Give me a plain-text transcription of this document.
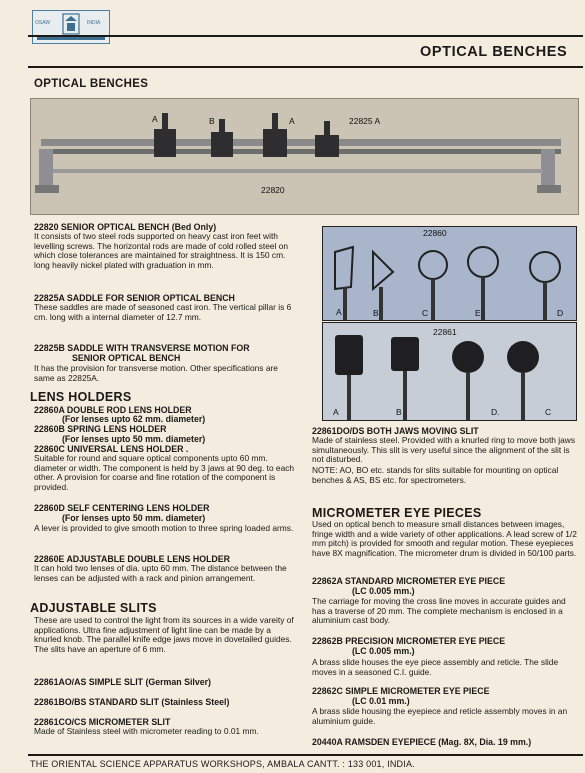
OSAW	INDIA
OPTICAL BENCHES
OPTICAL BENCHES
A	B	A	22825 A
22820
22860
A	B	C	E	D
22861
A	B	D.	C
22820 SENIOR OPTICAL BENCH (Bed Only)
It consists of two steel rods supported on heavy cast iron feet with levelling screws. The horizontal rods are made of cold rolled steel on which close tolerances are maintained for straightness. It is 150 cm. long heavily nickel plated with graduation in mm.
22825A SADDLE FOR SENIOR OPTICAL BENCH
These saddles are made of seasoned cast iron. The vertical pillar is 6 cm. long with a internal diameter of 12.7 mm.
22825B SADDLE WITH TRANSVERSE MOTION FOR
SENIOR OPTICAL BENCH
It has the provision for transverse motion. Other specifications are same as 22825A.
LENS HOLDERS
22860A DOUBLE ROD LENS HOLDER
(For lenses upto 62 mm. diameter)
22860B SPRING LENS HOLDER
(For lenses upto 50 mm. diameter)
22860C UNIVERSAL LENS HOLDER .
Suitable for round and square optical components upto 60 mm. diameter or width. The component is held by 3 jaws at 90 deg. to each other. A provision for coarse and fine rotation of the component is provided.
22860D SELF CENTERING LENS HOLDER
(For lenses upto 50 mm. diameter)
A lever is provided to give smooth motion to three spring loaded arms.
22860E ADJUSTABLE DOUBLE LENS HOLDER
It can hold two lenses of dia. upto 60 mm. The distance between the lenses can be adjusted with a rack and pinion arrangement.
ADJUSTABLE SLITS
These are used to control the light from its sources in a wide vareity of applications. Ultra fine adjustment of light line can be made by a knurled knob. The parallel knife edge jaws move in dovetailed guides. The slits have an aperture of 6 mm.
22861AO/AS SIMPLE SLIT (German Silver)
22861BO/BS STANDARD SLIT (Stainless Steel)
22861CO/CS MICROMETER SLIT
Made of Stainless steel with micrometer reading to 0.01 mm.
22861DO/DS BOTH JAWS MOVING SLIT
Made of stainless steel. Provided with a knurled ring to move both jaws simultaneously. This slit is very useful since the alignment of the slit is not disturbed.
NOTE: AO, BO etc. stands for slits suitable for mounting on optical benches & AS, BS etc. for spectrometers.
MICROMETER EYE PIECES
Used on optical bench to measure small distances between images, fringe width and a wide variety of other applications. A lead screw of 1/2 mm pitch) is provided for smooth and regular motion. These eyepieces have 8X magnification. The micrometer drum is divided in 50/100 parts.
22862A STANDARD MICROMETER EYE PIECE
(LC 0.005 mm.)
The carriage for moving the cross line moves in accurate guides and has a traverse of 20 mm. The complete mechanism is enclosed in a aluminium cast body.
22862B PRECISION MICROMETER EYE PIECE
(LC 0.005 mm.)
A brass slide houses the eye piece assembly and reticle. The slide moves in a seasoned C.I. guide.
22862C SIMPLE MICROMETER EYE PIECE
(LC 0.01 mm.)
A brass slide housing the eyepiece and reticle assembly moves in an aluminium guide.
20440A RAMSDEN EYEPIECE (Mag. 8X, Dia. 19 mm.)
THE ORIENTAL SCIENCE APPARATUS WORKSHOPS, AMBALA CANTT. : 133 001, INDIA.
